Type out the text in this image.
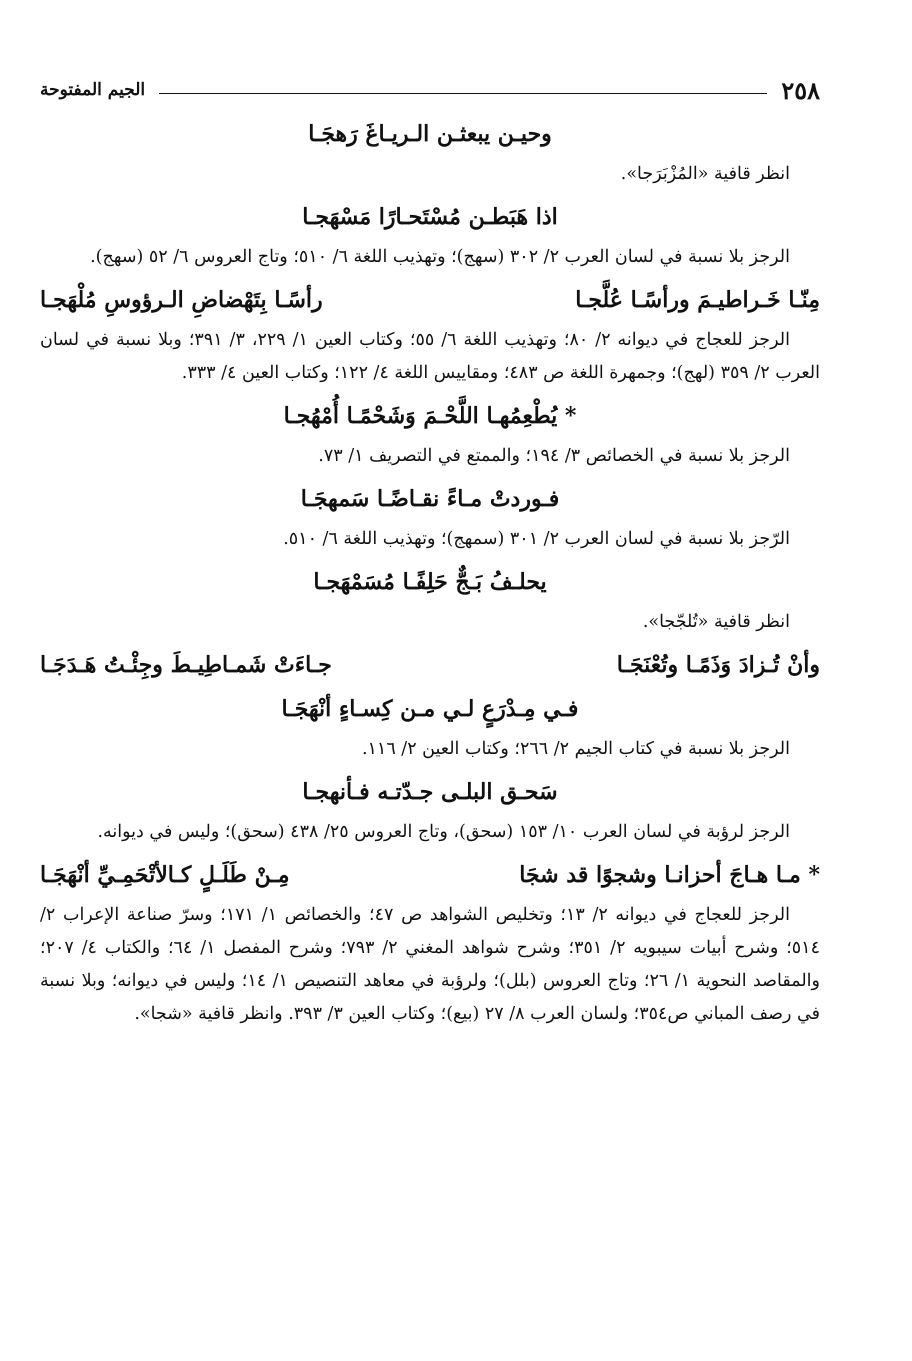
٢٥٨
الجيم المفتوحة
وحيـن يبعثـن الـريـاغَ رَهجَـا

انظر قافية «المُزْبَرَجا».

اذا هَبَطـن مُسْتَحـارًا مَسْهَجـا

الرجز بلا نسبة في لسان العرب ٢/ ٣٠٢ (سهج)؛ وتهذيب اللغة ٦/ ٥١٠؛ وتاج العروس ٦/ ٥٢ (سهج).

مِنّـا خَـراطيـمَ ورأسًـا عُلَّجـا
رأسًـا بِتَهْضاضِ الـرؤوسِ مُلْهَجـا

الرجز للعجاج في ديوانه ٢/ ٨٠؛ وتهذيب اللغة ٦/ ٥٥؛ وكتاب العين ١/ ٢٢٩، ٣/ ٣٩١؛ وبلا نسبة في لسان العرب ٢/ ٣٥٩ (لهج)؛ وجمهرة اللغة ص ٤٨٣؛ ومقاييس اللغة ٤/ ١٢٢؛ وكتاب العين ٤/ ٣٣٣.

* يُطْعِمُهـا اللَّحْـمَ وَشَحْمًـا أُمْهُجـا

الرجز بلا نسبة في الخصائص ٣/ ١٩٤؛ والممتع في التصريف ١/ ٧٣.

فـوردتْ مـاءً نقـاضًـا سَمهجَـا

الرّجز بلا نسبة في لسان العرب ٢/ ٣٠١ (سمهج)؛ وتهذيب اللغة ٦/ ٥١٠.

يحلـفُ بَـجٌّ حَلِفًـا مُسَمْهَجـا

انظر قافية «تُلجّجا».

وأنْ تُـزادَ وَذَمًـا وتُعْنَجَـا
جـاءَتْ شَمـاطِيـطَ وجِئْـتُ هَـدَجَـا
فـي مِـدْرَعٍ لـي مـن كِسـاءٍ أنْهَجَـا

الرجز بلا نسبة في كتاب الجيم ٢/ ٢٦٦؛ وكتاب العين ٢/ ١١٦.

سَحـق البلـى جـدّتـه فـأنهجـا

الرجز لرؤبة في لسان العرب ١٠/ ١٥٣ (سحق)، وتاج العروس ٢٥/ ٤٣٨ (سحق)؛ وليس في ديوانه.

* مـا هـاجَ أحزانـا وشجوًا قد شجَا
مِـنْ طَلَـلٍ كـالأتْحَمِـيِّ أنْهَجَـا

الرجز للعجاج في ديوانه ٢/ ١٣؛ وتخليص الشواهد ص ٤٧؛ والخصائص ١/ ١٧١؛ وسرّ صناعة الإعراب ٢/ ٥١٤؛ وشرح أبيات سيبويه ٢/ ٣٥١؛ وشرح شواهد المغني ٢/ ٧٩٣؛ وشرح المفصل ١/ ٦٤؛ والكتاب ٤/ ٢٠٧؛ والمقاصد النحوية ١/ ٢٦؛ وتاج العروس (بلل)؛ ولرؤبة في معاهد التنصيص ١/ ١٤؛ وليس في ديوانه؛ وبلا نسبة في رصف المباني ص٣٥٤؛ ولسان العرب ٨/ ٢٧ (بيع)؛ وكتاب العين ٣/ ٣٩٣. وانظر قافية «شجا».
